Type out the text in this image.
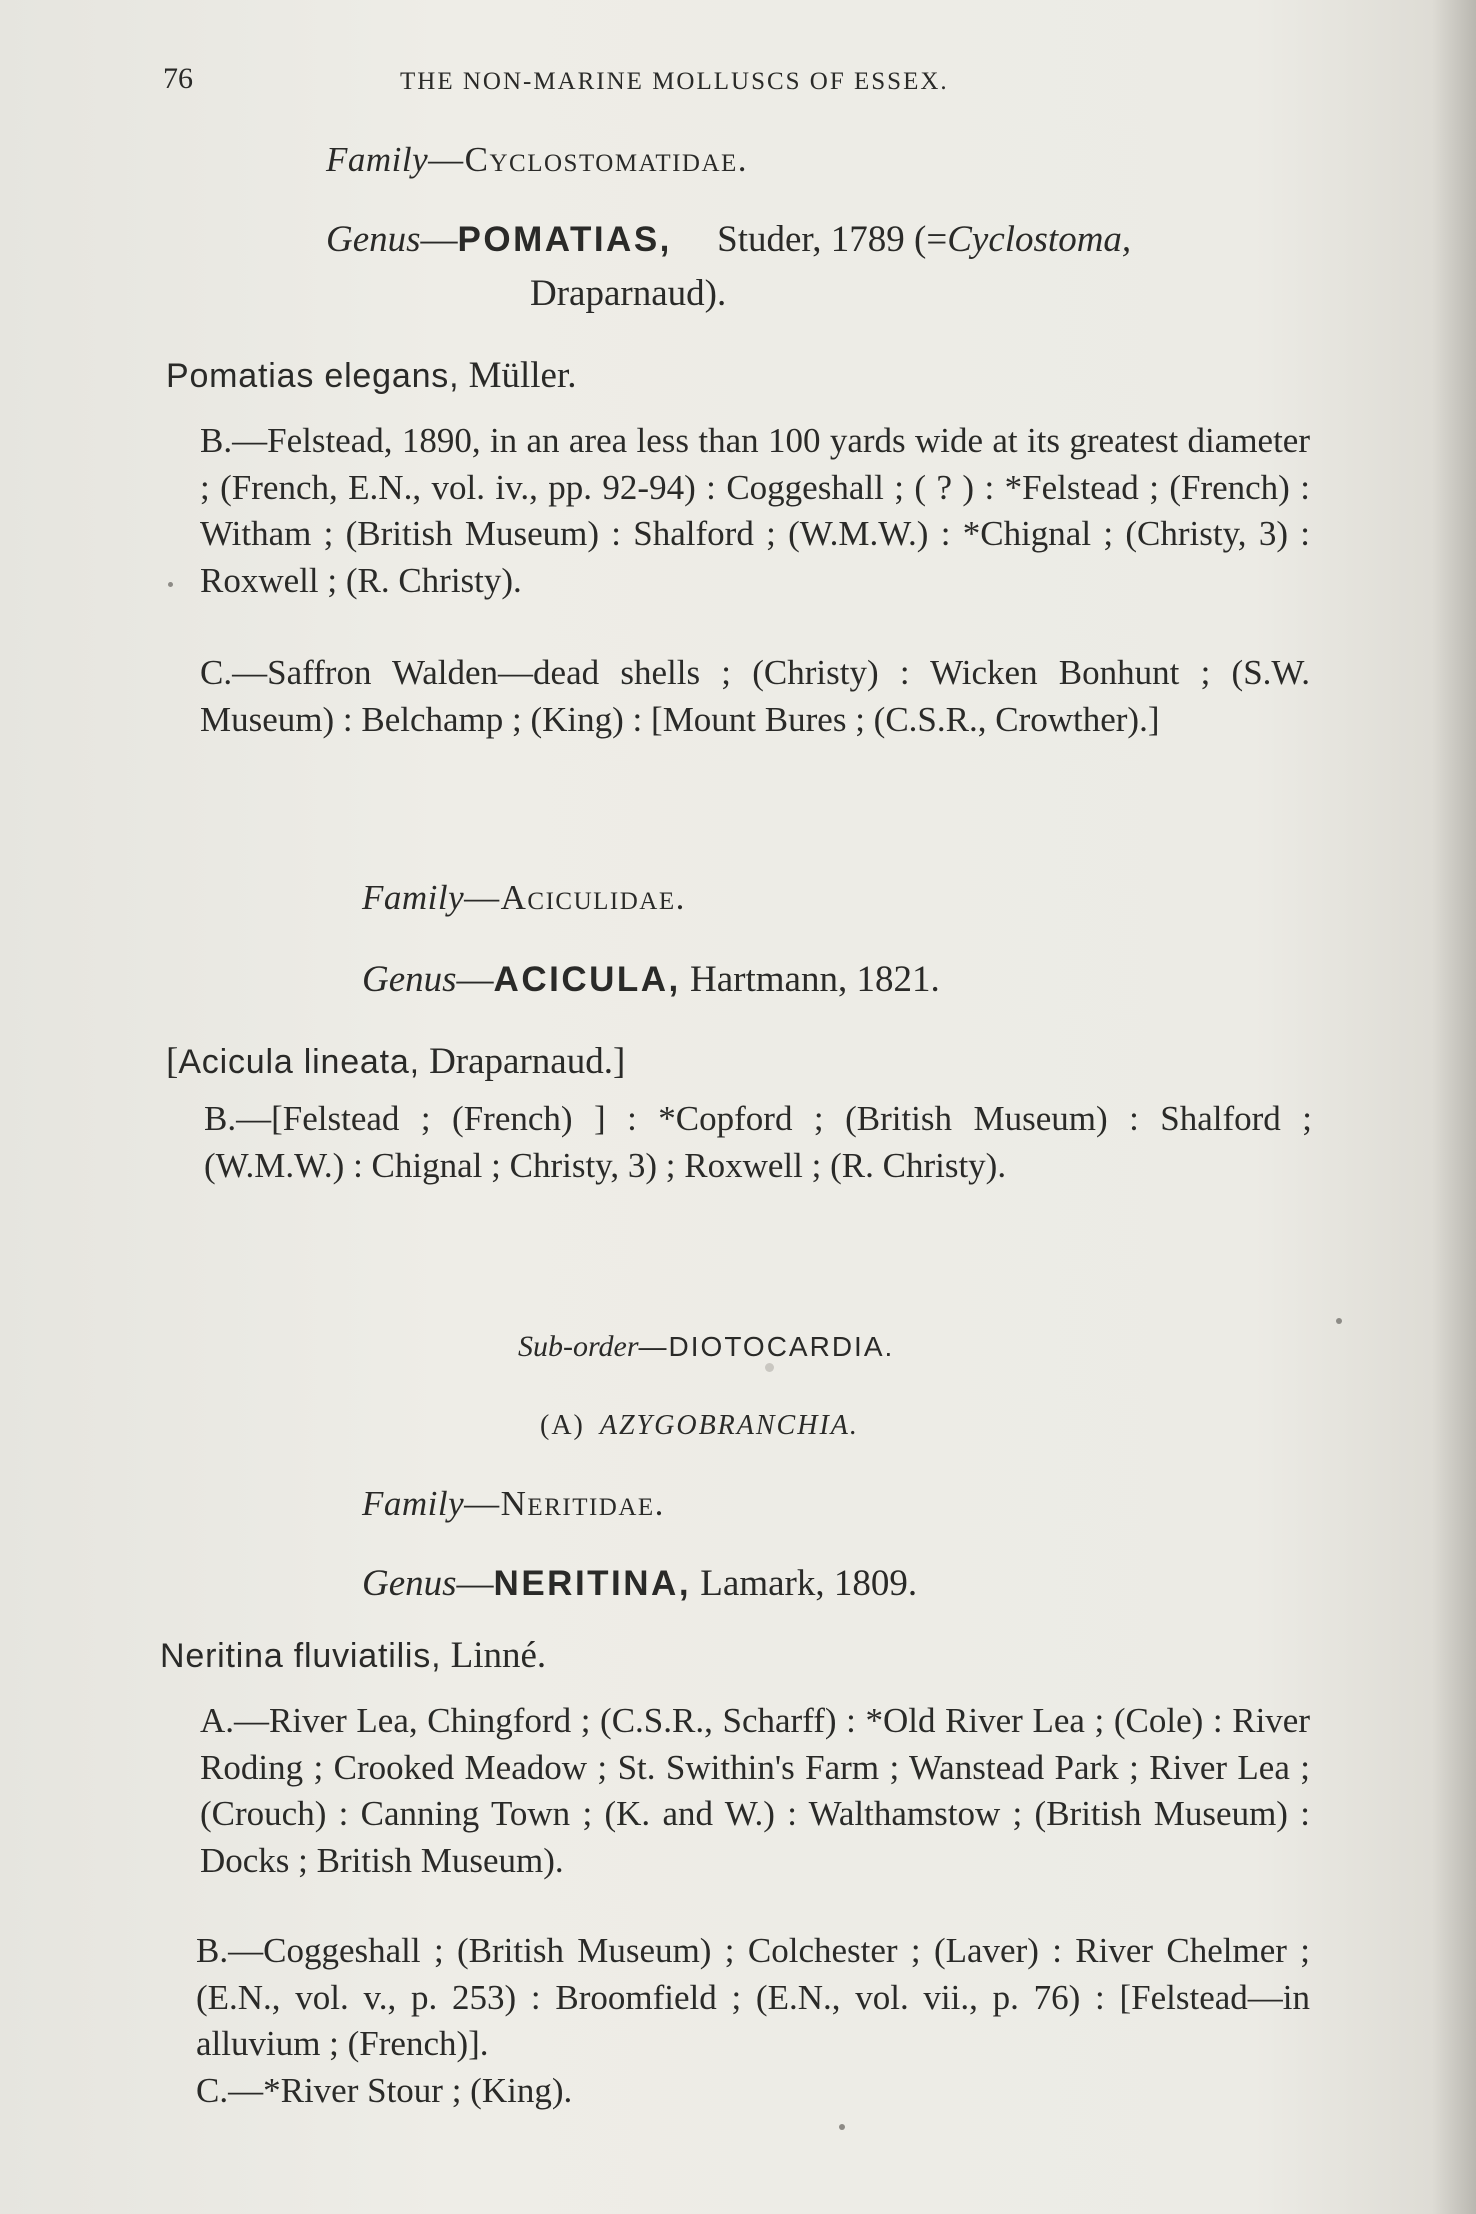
76	THE NON-MARINE MOLLUSCS OF ESSEX.
Family—Cyclostomatidae.
Genus—POMATIAS, Studer, 1789 (=Cyclostoma,
Draparnaud).
Pomatias elegans, Müller.
B.—Felstead, 1890, in an area less than 100 yards wide at its greatest diameter ; (French, E.N., vol. iv., pp. 92-94) : Coggeshall ; ( ? ) : *Felstead ; (French) : Witham ; (British Museum) : Shalford ; (W.M.W.) : *Chignal ; (Christy, 3) : Roxwell ; (R. Christy).
C.—Saffron Walden—dead shells ; (Christy) : Wicken Bonhunt ; (S.W. Museum) : Belchamp ; (King) : [Mount Bures ; (C.S.R., Crowther).]
Family—Aciculidae.
Genus—ACICULA, Hartmann, 1821.
[Acicula lineata, Draparnaud.]
B.—[Felstead ; (French) ] : *Copford ; (British Museum) : Shalford ; (W.M.W.) : Chignal ; Christy, 3) ; Roxwell ; (R. Christy).
Sub-order—DIOTOCARDIA.
(A) AZYGOBRANCHIA.
Family—Neritidae.
Genus—NERITINA, Lamark, 1809.
Neritina fluviatilis, Linné.
A.—River Lea, Chingford ; (C.S.R., Scharff) : *Old River Lea ; (Cole) : River Roding ; Crooked Meadow ; St. Swithin's Farm ; Wanstead Park ; River Lea ; (Crouch) : Canning Town ; (K. and W.) : Walthamstow ; (British Museum) : Docks ; British Museum).
B.—Coggeshall ; (British Museum) ; Colchester ; (Laver) : River Chelmer ; (E.N., vol. v., p. 253) : Broomfield ; (E.N., vol. vii., p. 76) : [Felstead—in alluvium ; (French)].
C.—*River Stour ; (King).
